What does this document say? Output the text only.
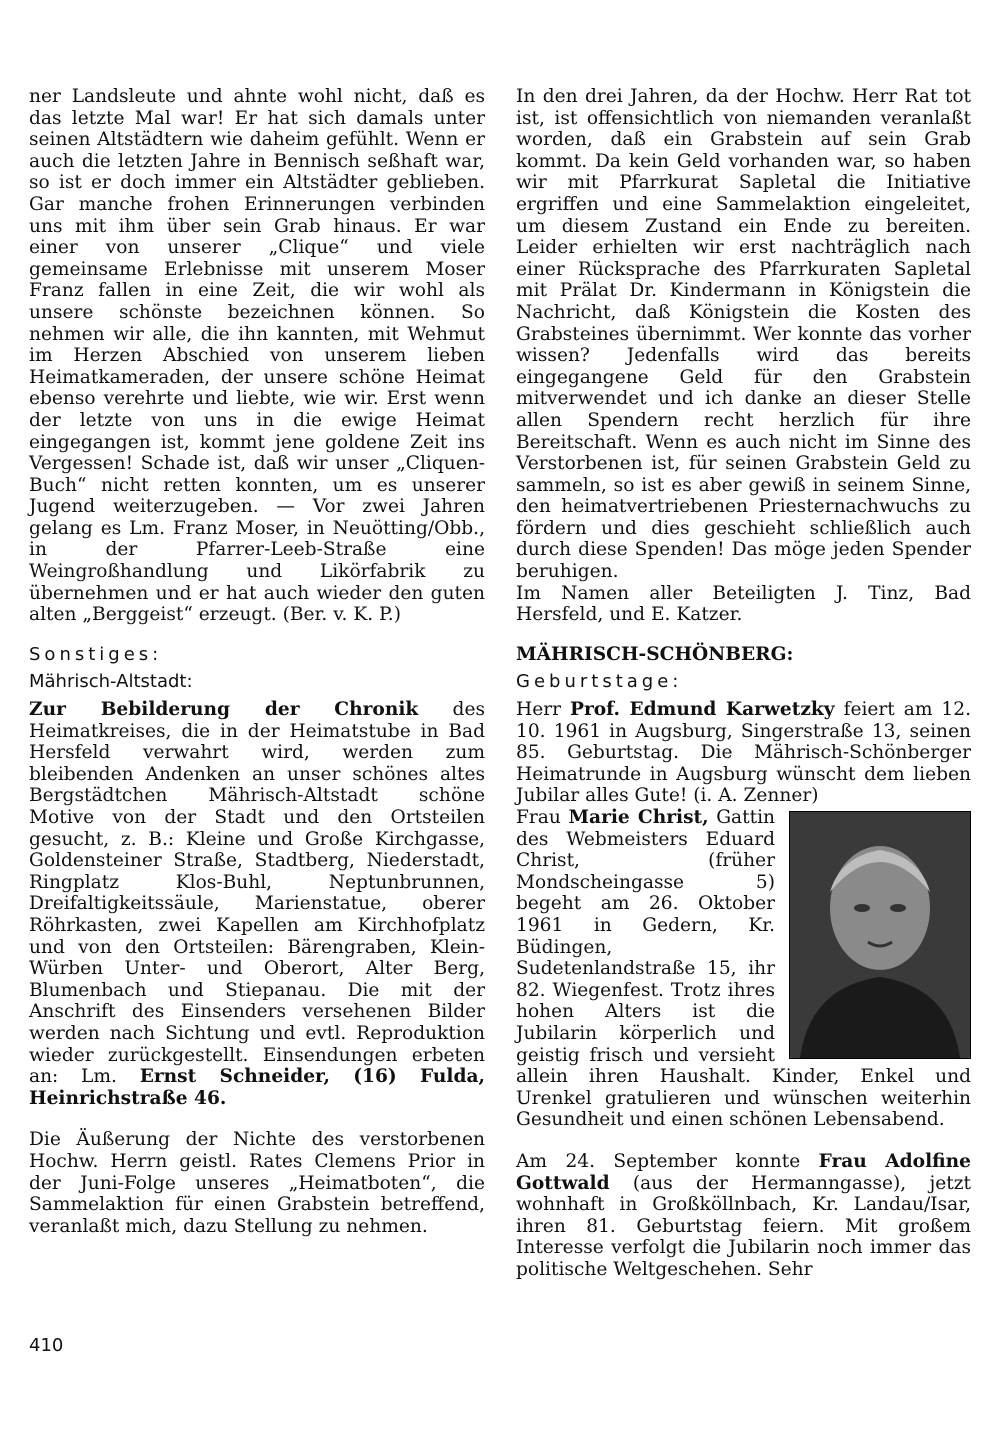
ner Landsleute und ahnte wohl nicht, daß es das letzte Mal war! Er hat sich damals unter seinen Altstädtern wie daheim gefühlt. Wenn er auch die letzten Jahre in Bennisch seßhaft war, so ist er doch immer ein Altstädter geblieben. Gar manche frohen Erinnerungen verbinden uns mit ihm über sein Grab hinaus. Er war einer von unserer „Clique“ und viele gemeinsame Erlebnisse mit unserem Moser Franz fallen in eine Zeit, die wir wohl als unsere schönste bezeichnen können. So nehmen wir alle, die ihn kannten, mit Wehmut im Herzen Abschied von unserem lieben Heimatkameraden, der unsere schöne Heimat ebenso verehrte und liebte, wie wir. Erst wenn der letzte von uns in die ewige Heimat eingegangen ist, kommt jene goldene Zeit ins Vergessen! Schade ist, daß wir unser „Cliquen-Buch“ nicht retten konnten, um es unserer Jugend weiterzugeben. — Vor zwei Jahren gelang es Lm. Franz Moser, in Neuötting/Obb., in der Pfarrer-Leeb-Straße eine Weingroßhandlung und Likörfabrik zu übernehmen und er hat auch wieder den guten alten „Berggeist“ erzeugt. (Ber. v. K. P.)

Sonstiges:
Mährisch-Altstadt:

Zur Bebilderung der Chronik des Heimatkreises, die in der Heimatstube in Bad Hersfeld verwahrt wird, werden zum bleibenden Andenken an unser schönes altes Bergstädtchen Mährisch-Altstadt schöne Motive von der Stadt und den Ortsteilen gesucht, z. B.: Kleine und Große Kirchgasse, Goldensteiner Straße, Stadtberg, Niederstadt, Ringplatz Klos-Buhl, Neptunbrunnen, Dreifaltigkeitssäule, Marienstatue, oberer Röhrkasten, zwei Kapellen am Kirchhofplatz und von den Ortsteilen: Bärengraben, Klein-Würben Unter- und Oberort, Alter Berg, Blumenbach und Stiepanau. Die mit der Anschrift des Einsenders versehenen Bilder werden nach Sichtung und evtl. Reproduktion wieder zurückgestellt. Einsendungen erbeten an: Lm. Ernst Schneider, (16) Fulda, Heinrichstraße 46.

Die Äußerung der Nichte des verstorbenen Hochw. Herrn geistl. Rates Clemens Prior in der Juni-Folge unseres „Heimatboten“, die Sammelaktion für einen Grabstein betreffend, veranlaßt mich, dazu Stellung zu nehmen.

In den drei Jahren, da der Hochw. Herr Rat tot ist, ist offensichtlich von niemanden veranlaßt worden, daß ein Grabstein auf sein Grab kommt. Da kein Geld vorhanden war, so haben wir mit Pfarrkurat Sapletal die Initiative ergriffen und eine Sammelaktion eingeleitet, um diesem Zustand ein Ende zu bereiten. Leider erhielten wir erst nachträglich nach einer Rücksprache des Pfarrkuraten Sapletal mit Prälat Dr. Kindermann in Königstein die Nachricht, daß Königstein die Kosten des Grabsteines übernimmt. Wer konnte das vorher wissen? Jedenfalls wird das bereits eingegangene Geld für den Grabstein mitverwendet und ich danke an dieser Stelle allen Spendern recht herzlich für ihre Bereitschaft. Wenn es auch nicht im Sinne des Verstorbenen ist, für seinen Grabstein Geld zu sammeln, so ist es aber gewiß in seinem Sinne, den heimatvertriebenen Priesternachwuchs zu fördern und dies geschieht schließlich auch durch diese Spenden! Das möge jeden Spender beruhigen.

Im Namen aller Beteiligten J. Tinz, Bad Hersfeld, und E. Katzer.

MÄHRISCH-SCHÖNBERG:
Geburtstage:

Herr Prof. Edmund Karwetzky feiert am 12. 10. 1961 in Augsburg, Singerstraße 13, seinen 85. Geburtstag. Die Mährisch-Schönberger Heimatrunde in Augsburg wünscht dem lieben Jubilar alles Gute! (i. A. Zenner)

Frau Marie Christ, Gattin des Webmeisters Eduard Christ, (früher Mondscheingasse 5) begeht am 26. Oktober 1961 in Gedern, Kr. Büdingen, Sudetenlandstraße 15, ihr 82. Wiegenfest. Trotz ihres hohen Alters ist die Jubilarin körperlich und geistig frisch und versieht allein ihren Haushalt. Kinder, Enkel und Urenkel gratulieren und wünschen weiterhin Gesundheit und einen schönen Lebensabend.

Am 24. September konnte Frau Adolfine Gottwald (aus der Hermanngasse), jetzt wohnhaft in Großköllnbach, Kr. Landau/Isar, ihren 81. Geburtstag feiern. Mit großem Interesse verfolgt die Jubilarin noch immer das politische Weltgeschehen. Sehr

410
